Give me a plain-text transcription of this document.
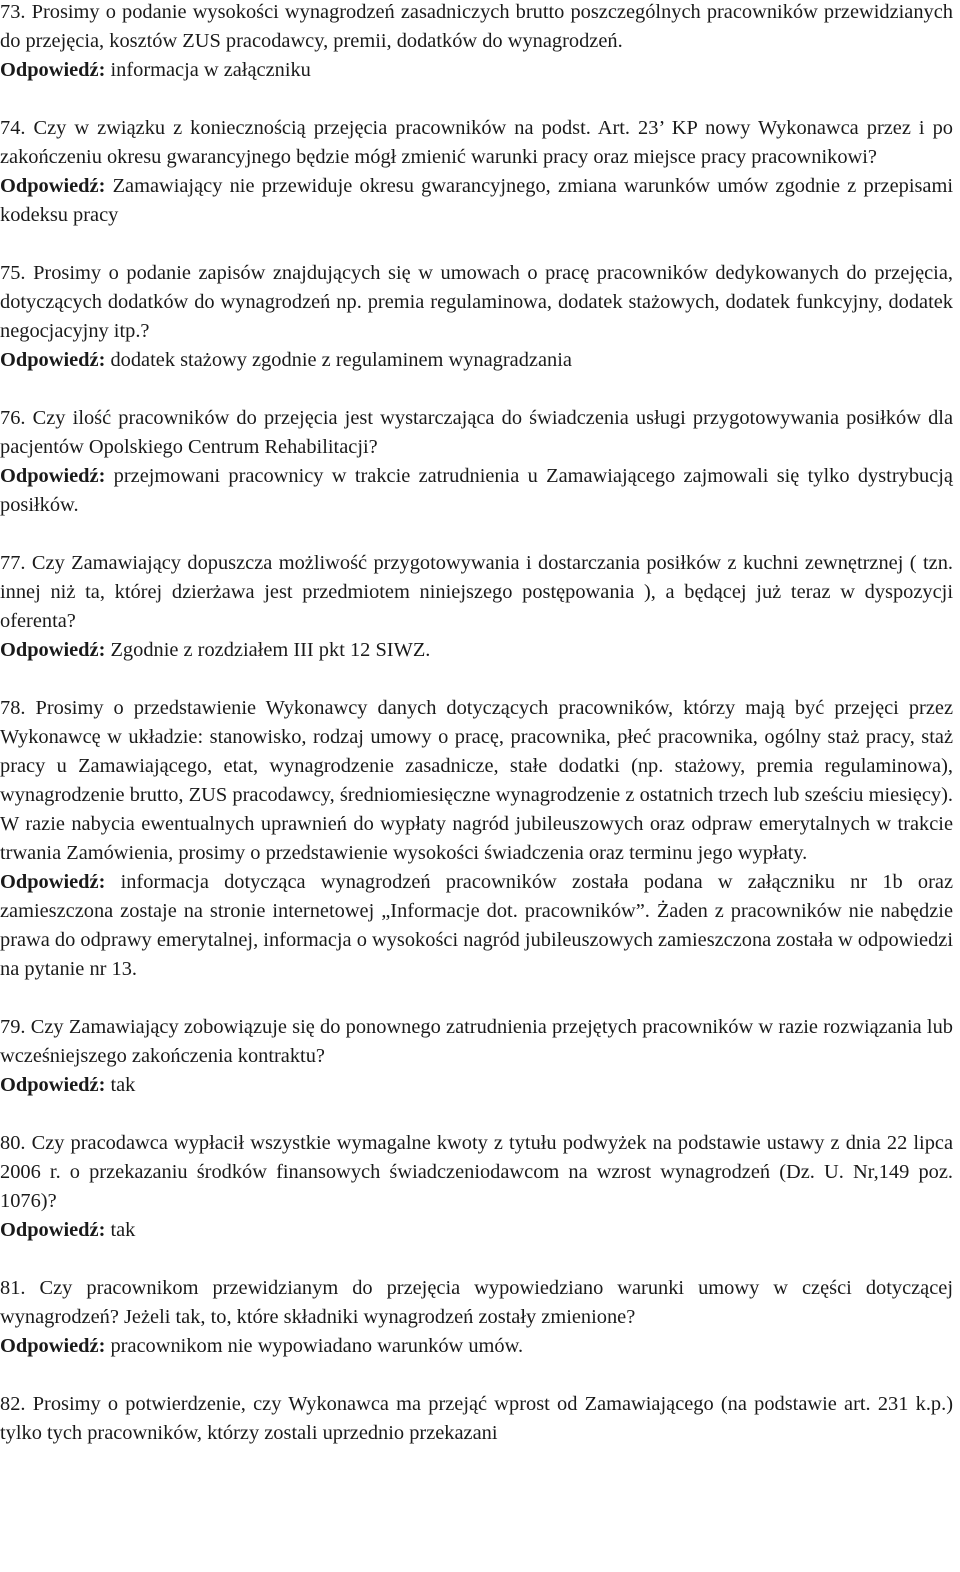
73. Prosimy o podanie wysokości wynagrodzeń zasadniczych brutto poszczególnych pracowników przewidzianych do przejęcia, kosztów ZUS pracodawcy, premii, dodatków do wynagrodzeń.

Odpowiedź: informacja w załączniku

74. Czy w związku z koniecznością przejęcia pracowników na podst. Art. 23’ KP nowy Wykonawca przez i po zakończeniu okresu gwarancyjnego będzie mógł zmienić warunki pracy oraz miejsce pracy pracownikowi?

Odpowiedź: Zamawiający nie przewiduje okresu gwarancyjnego, zmiana warunków umów zgodnie z przepisami kodeksu pracy

75. Prosimy o podanie zapisów znajdujących się w umowach o pracę pracowników dedykowanych do przejęcia, dotyczących dodatków do wynagrodzeń np. premia regulaminowa, dodatek stażowych, dodatek funkcyjny, dodatek negocjacyjny itp.?

Odpowiedź: dodatek stażowy zgodnie z regulaminem wynagradzania

76. Czy ilość pracowników do przejęcia jest wystarczająca do świadczenia usługi przygotowywania posiłków dla pacjentów Opolskiego Centrum Rehabilitacji?

Odpowiedź: przejmowani pracownicy w trakcie zatrudnienia u Zamawiającego zajmowali się tylko dystrybucją posiłków.

77. Czy Zamawiający dopuszcza możliwość przygotowywania i dostarczania posiłków z kuchni zewnętrznej ( tzn. innej niż ta, której dzierżawa jest przedmiotem niniejszego postępowania ), a będącej już teraz w dyspozycji oferenta?

Odpowiedź: Zgodnie z rozdziałem III pkt 12 SIWZ.

78. Prosimy o przedstawienie Wykonawcy danych dotyczących pracowników, którzy mają być przejęci przez Wykonawcę w układzie: stanowisko, rodzaj umowy o pracę, pracownika, płeć pracownika, ogólny staż pracy, staż pracy u Zamawiającego, etat, wynagrodzenie zasadnicze, stałe dodatki (np. stażowy, premia regulaminowa), wynagrodzenie brutto, ZUS pracodawcy, średniomiesięczne wynagrodzenie z ostatnich trzech lub sześciu miesięcy). W razie nabycia ewentualnych uprawnień do wypłaty nagród jubileuszowych oraz odpraw emerytalnych w trakcie trwania Zamówienia, prosimy o przedstawienie wysokości świadczenia oraz terminu jego wypłaty.

Odpowiedź: informacja dotycząca wynagrodzeń pracowników została podana w załączniku nr 1b oraz zamieszczona zostaje na stronie internetowej „Informacje dot. pracowników”. Żaden z pracowników nie nabędzie prawa do odprawy emerytalnej, informacja o wysokości nagród jubileuszowych zamieszczona została w odpowiedzi na pytanie nr 13.

79. Czy Zamawiający zobowiązuje się do ponownego zatrudnienia przejętych pracowników w razie rozwiązania lub wcześniejszego zakończenia kontraktu?

Odpowiedź: tak

80. Czy pracodawca wypłacił wszystkie wymagalne kwoty z tytułu podwyżek na podstawie ustawy z dnia 22 lipca 2006 r. o przekazaniu środków finansowych świadczeniodawcom na wzrost wynagrodzeń (Dz. U. Nr,149 poz. 1076)?

Odpowiedź: tak

81. Czy pracownikom przewidzianym do przejęcia wypowiedziano warunki umowy w części dotyczącej wynagrodzeń? Jeżeli tak, to, które składniki wynagrodzeń zostały zmienione?

Odpowiedź: pracownikom nie wypowiadano warunków umów.

82. Prosimy o potwierdzenie, czy Wykonawca ma przejąć wprost od Zamawiającego (na podstawie art. 231 k.p.) tylko tych pracowników, którzy zostali uprzednio przekazani
